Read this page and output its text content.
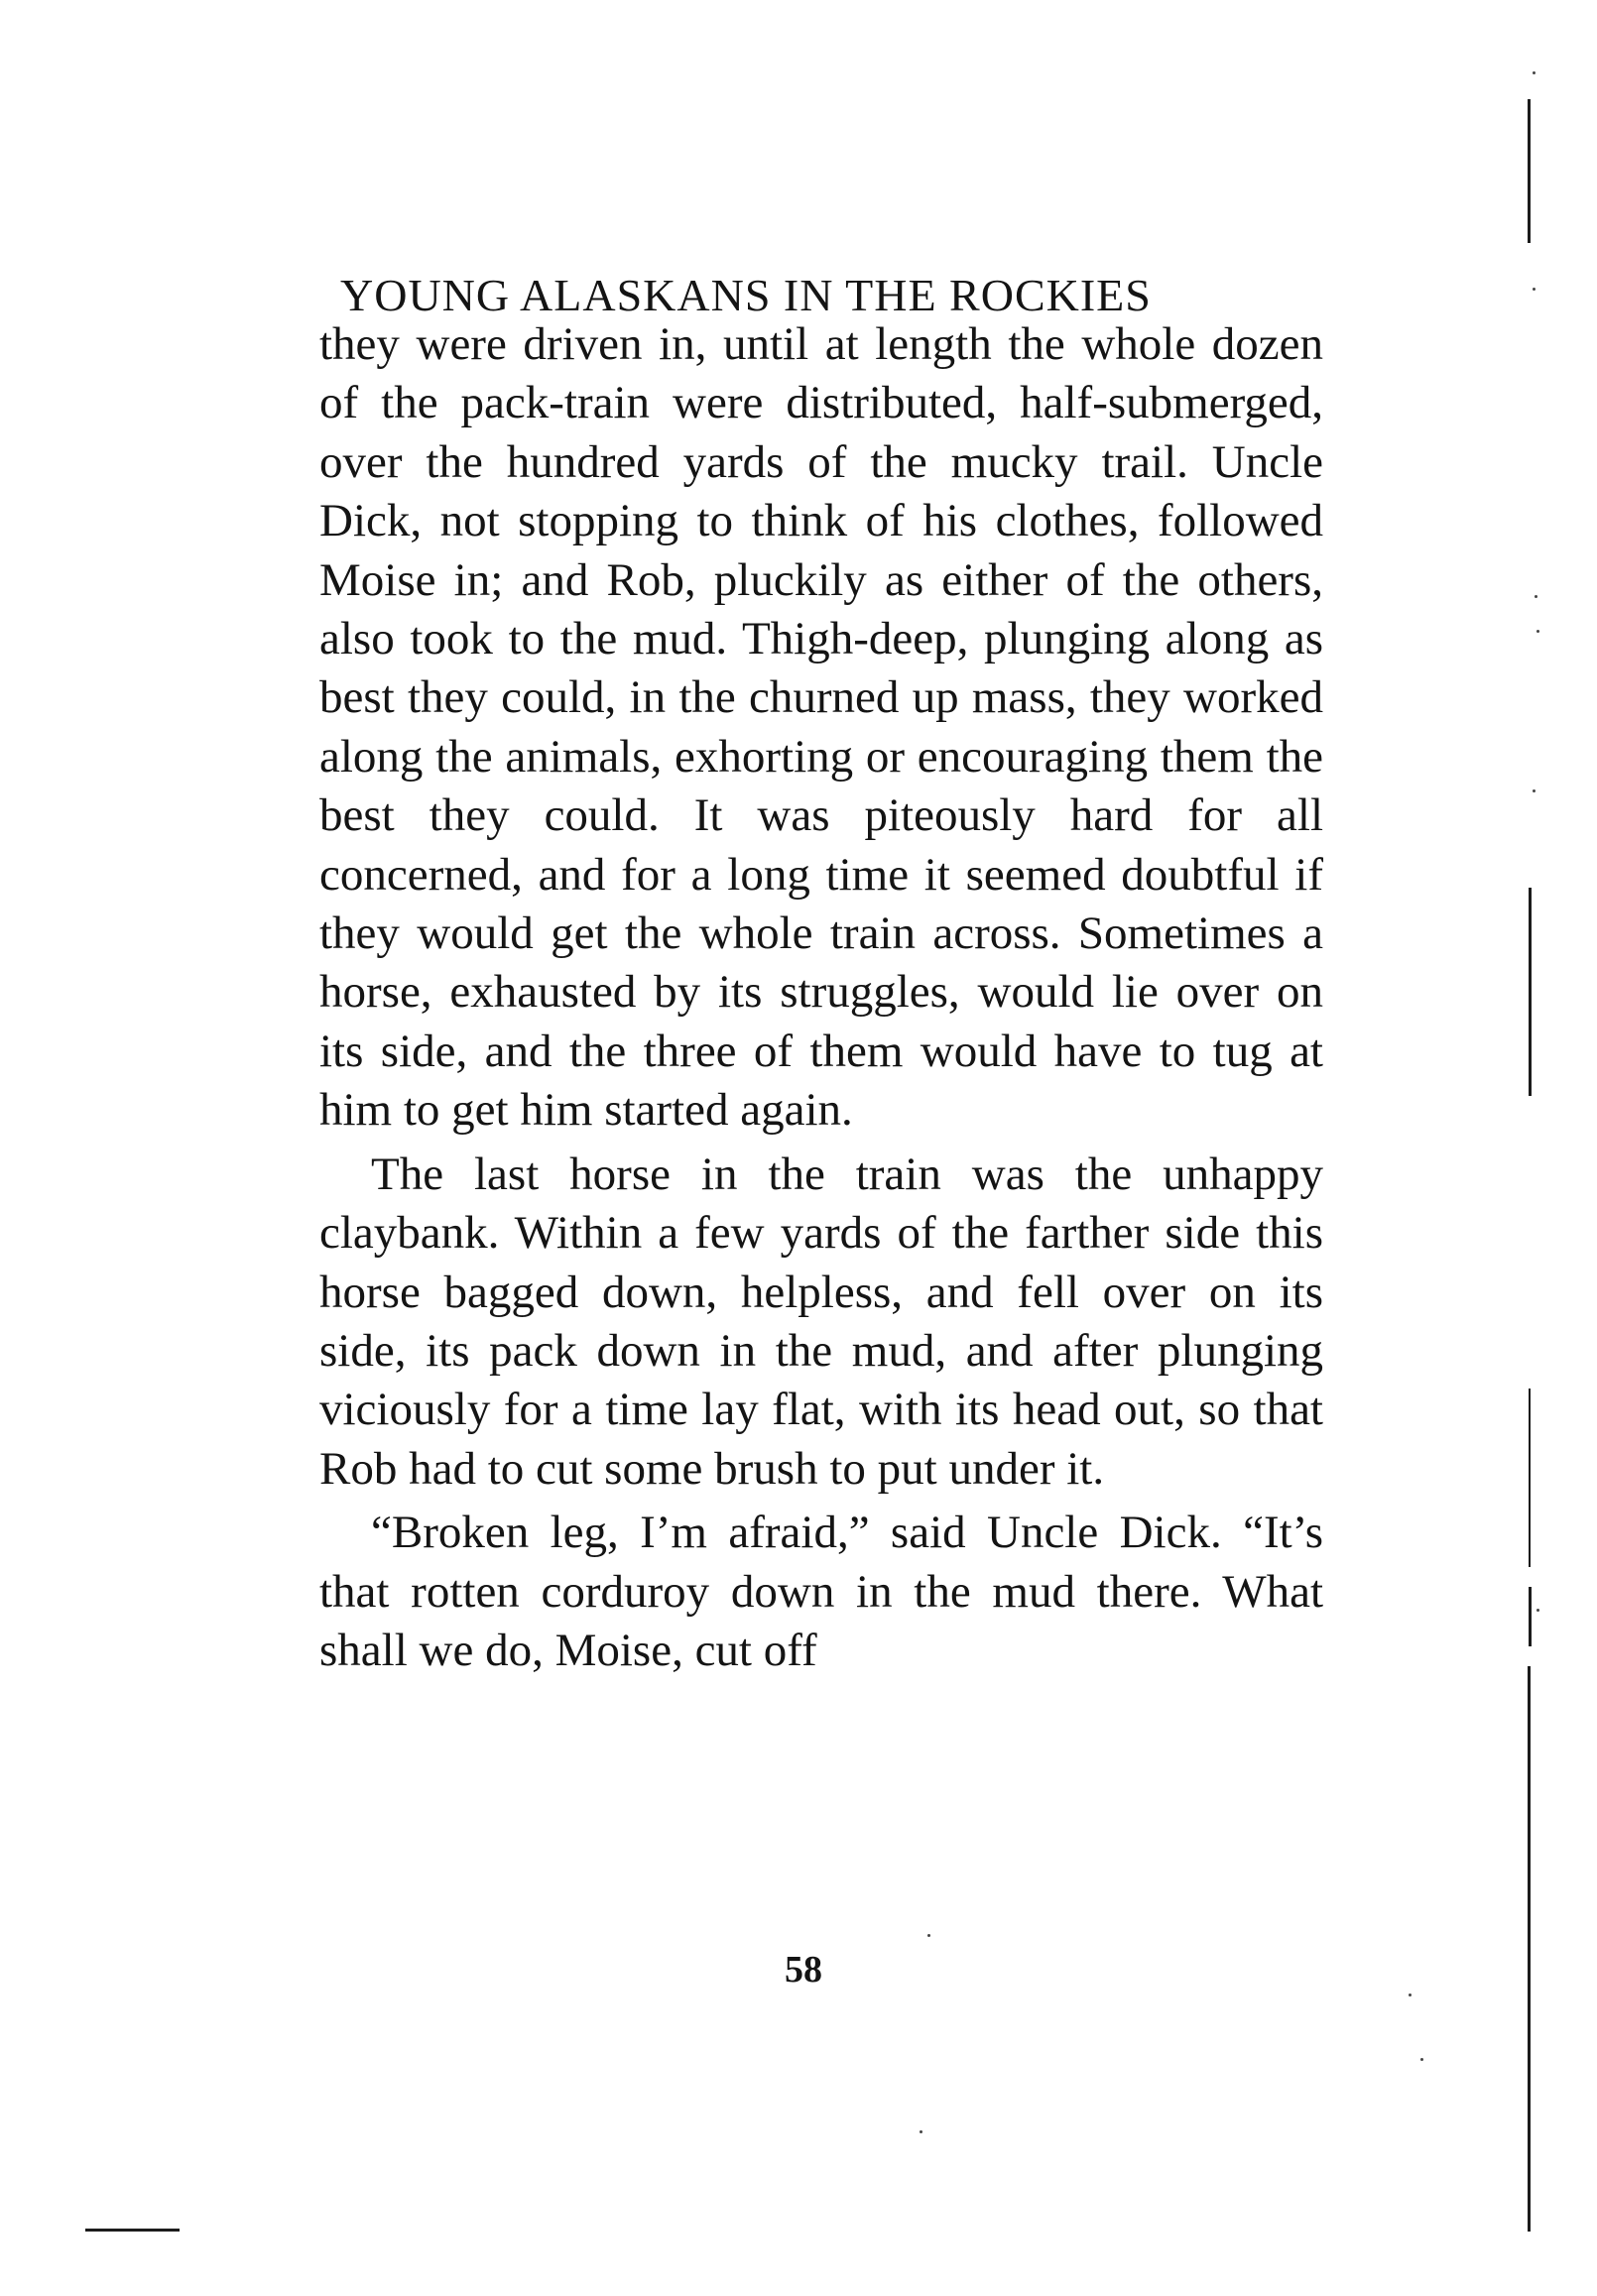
YOUNG ALASKANS IN THE ROCKIES

they were driven in, until at length the whole dozen of the pack-train were distributed, half-submerged, over the hundred yards of the mucky trail. Uncle Dick, not stopping to think of his clothes, followed Moise in; and Rob, pluckily as either of the others, also took to the mud. Thigh-deep, plunging along as best they could, in the churned up mass, they worked along the animals, exhorting or encouraging them the best they could. It was piteously hard for all concerned, and for a long time it seemed doubtful if they would get the whole train across. Sometimes a horse, exhausted by its struggles, would lie over on its side, and the three of them would have to tug at him to get him started again.

The last horse in the train was the unhappy claybank. Within a few yards of the farther side this horse bagged down, helpless, and fell over on its side, its pack down in the mud, and after plunging viciously for a time lay flat, with its head out, so that Rob had to cut some brush to put under it.

“Broken leg, I’m afraid,” said Uncle Dick. “It’s that rotten corduroy down in the mud there. What shall we do, Moise, cut off

58
